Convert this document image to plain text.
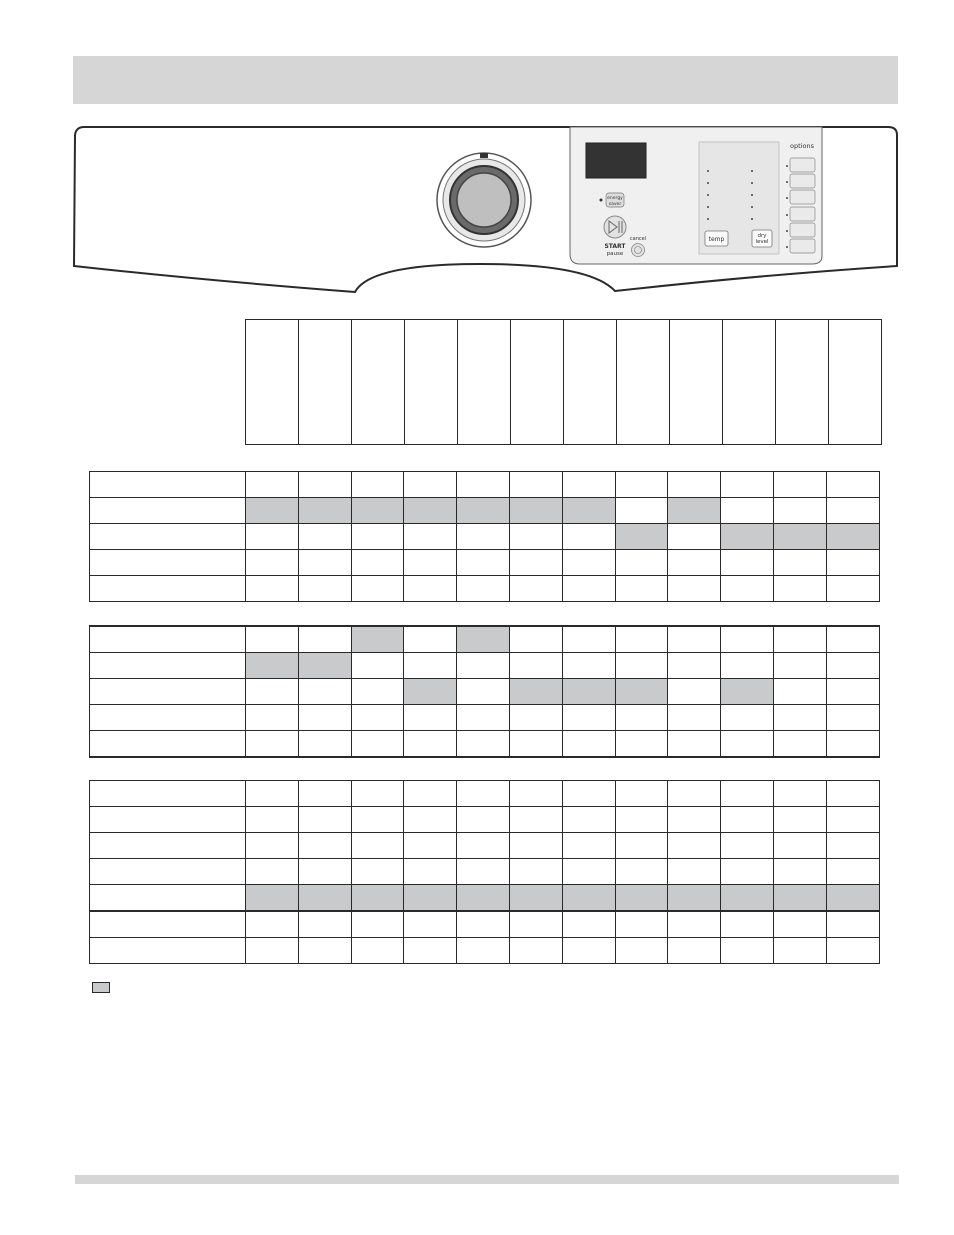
energy
saver
START
pause
cancel	temp	dry
level
options
